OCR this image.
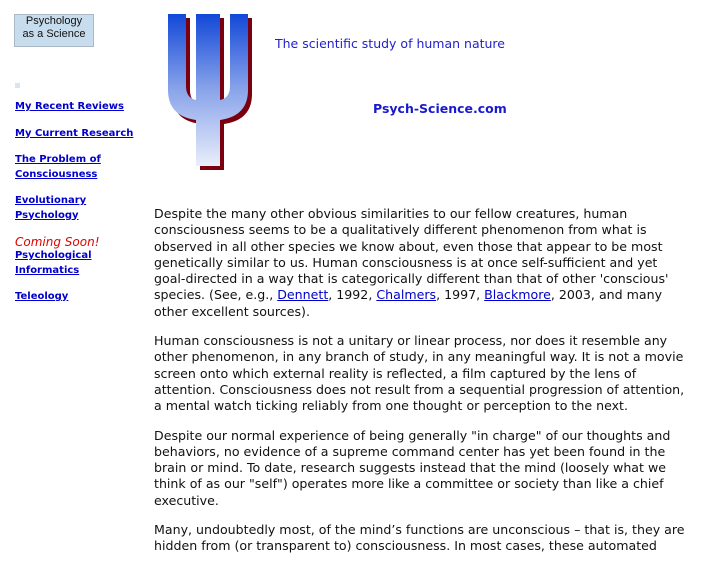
Psychology
as a Science
My Recent Reviews
My Current Research
The Problem of
Consciousness
Evolutionary
Psychology
Coming Soon!
Psychological
Informatics
Teleology
The scientific study of human nature
Psych-Science.com

Despite the many other obvious similarities to our fellow creatures, human consciousness seems to be a qualitatively different phenomenon from what is observed in all other species we know about, even those that appear to be most genetically similar to us. Human consciousness is at once self-sufficient and yet goal-directed in a way that is categorically different than that of other 'conscious' species. (See, e.g., Dennett, 1992, Chalmers, 1997, Blackmore, 2003, and many other excellent sources).

Human consciousness is not a unitary or linear process, nor does it resemble any other phenomenon, in any branch of study, in any meaningful way. It is not a movie screen onto which external reality is reflected, a film captured by the lens of attention. Consciousness does not result from a sequential progression of attention, a mental watch ticking reliably from one thought or perception to the next.

Despite our normal experience of being generally "in charge" of our thoughts and behaviors, no evidence of a supreme command center has yet been found in the brain or mind. To date, research suggests instead that the mind (loosely what we think of as our "self") operates more like a committee or society than like a chief executive.

Many, undoubtedly most, of the mind’s functions are unconscious – that is, they are hidden from (or transparent to) consciousness. In most cases, these automated
